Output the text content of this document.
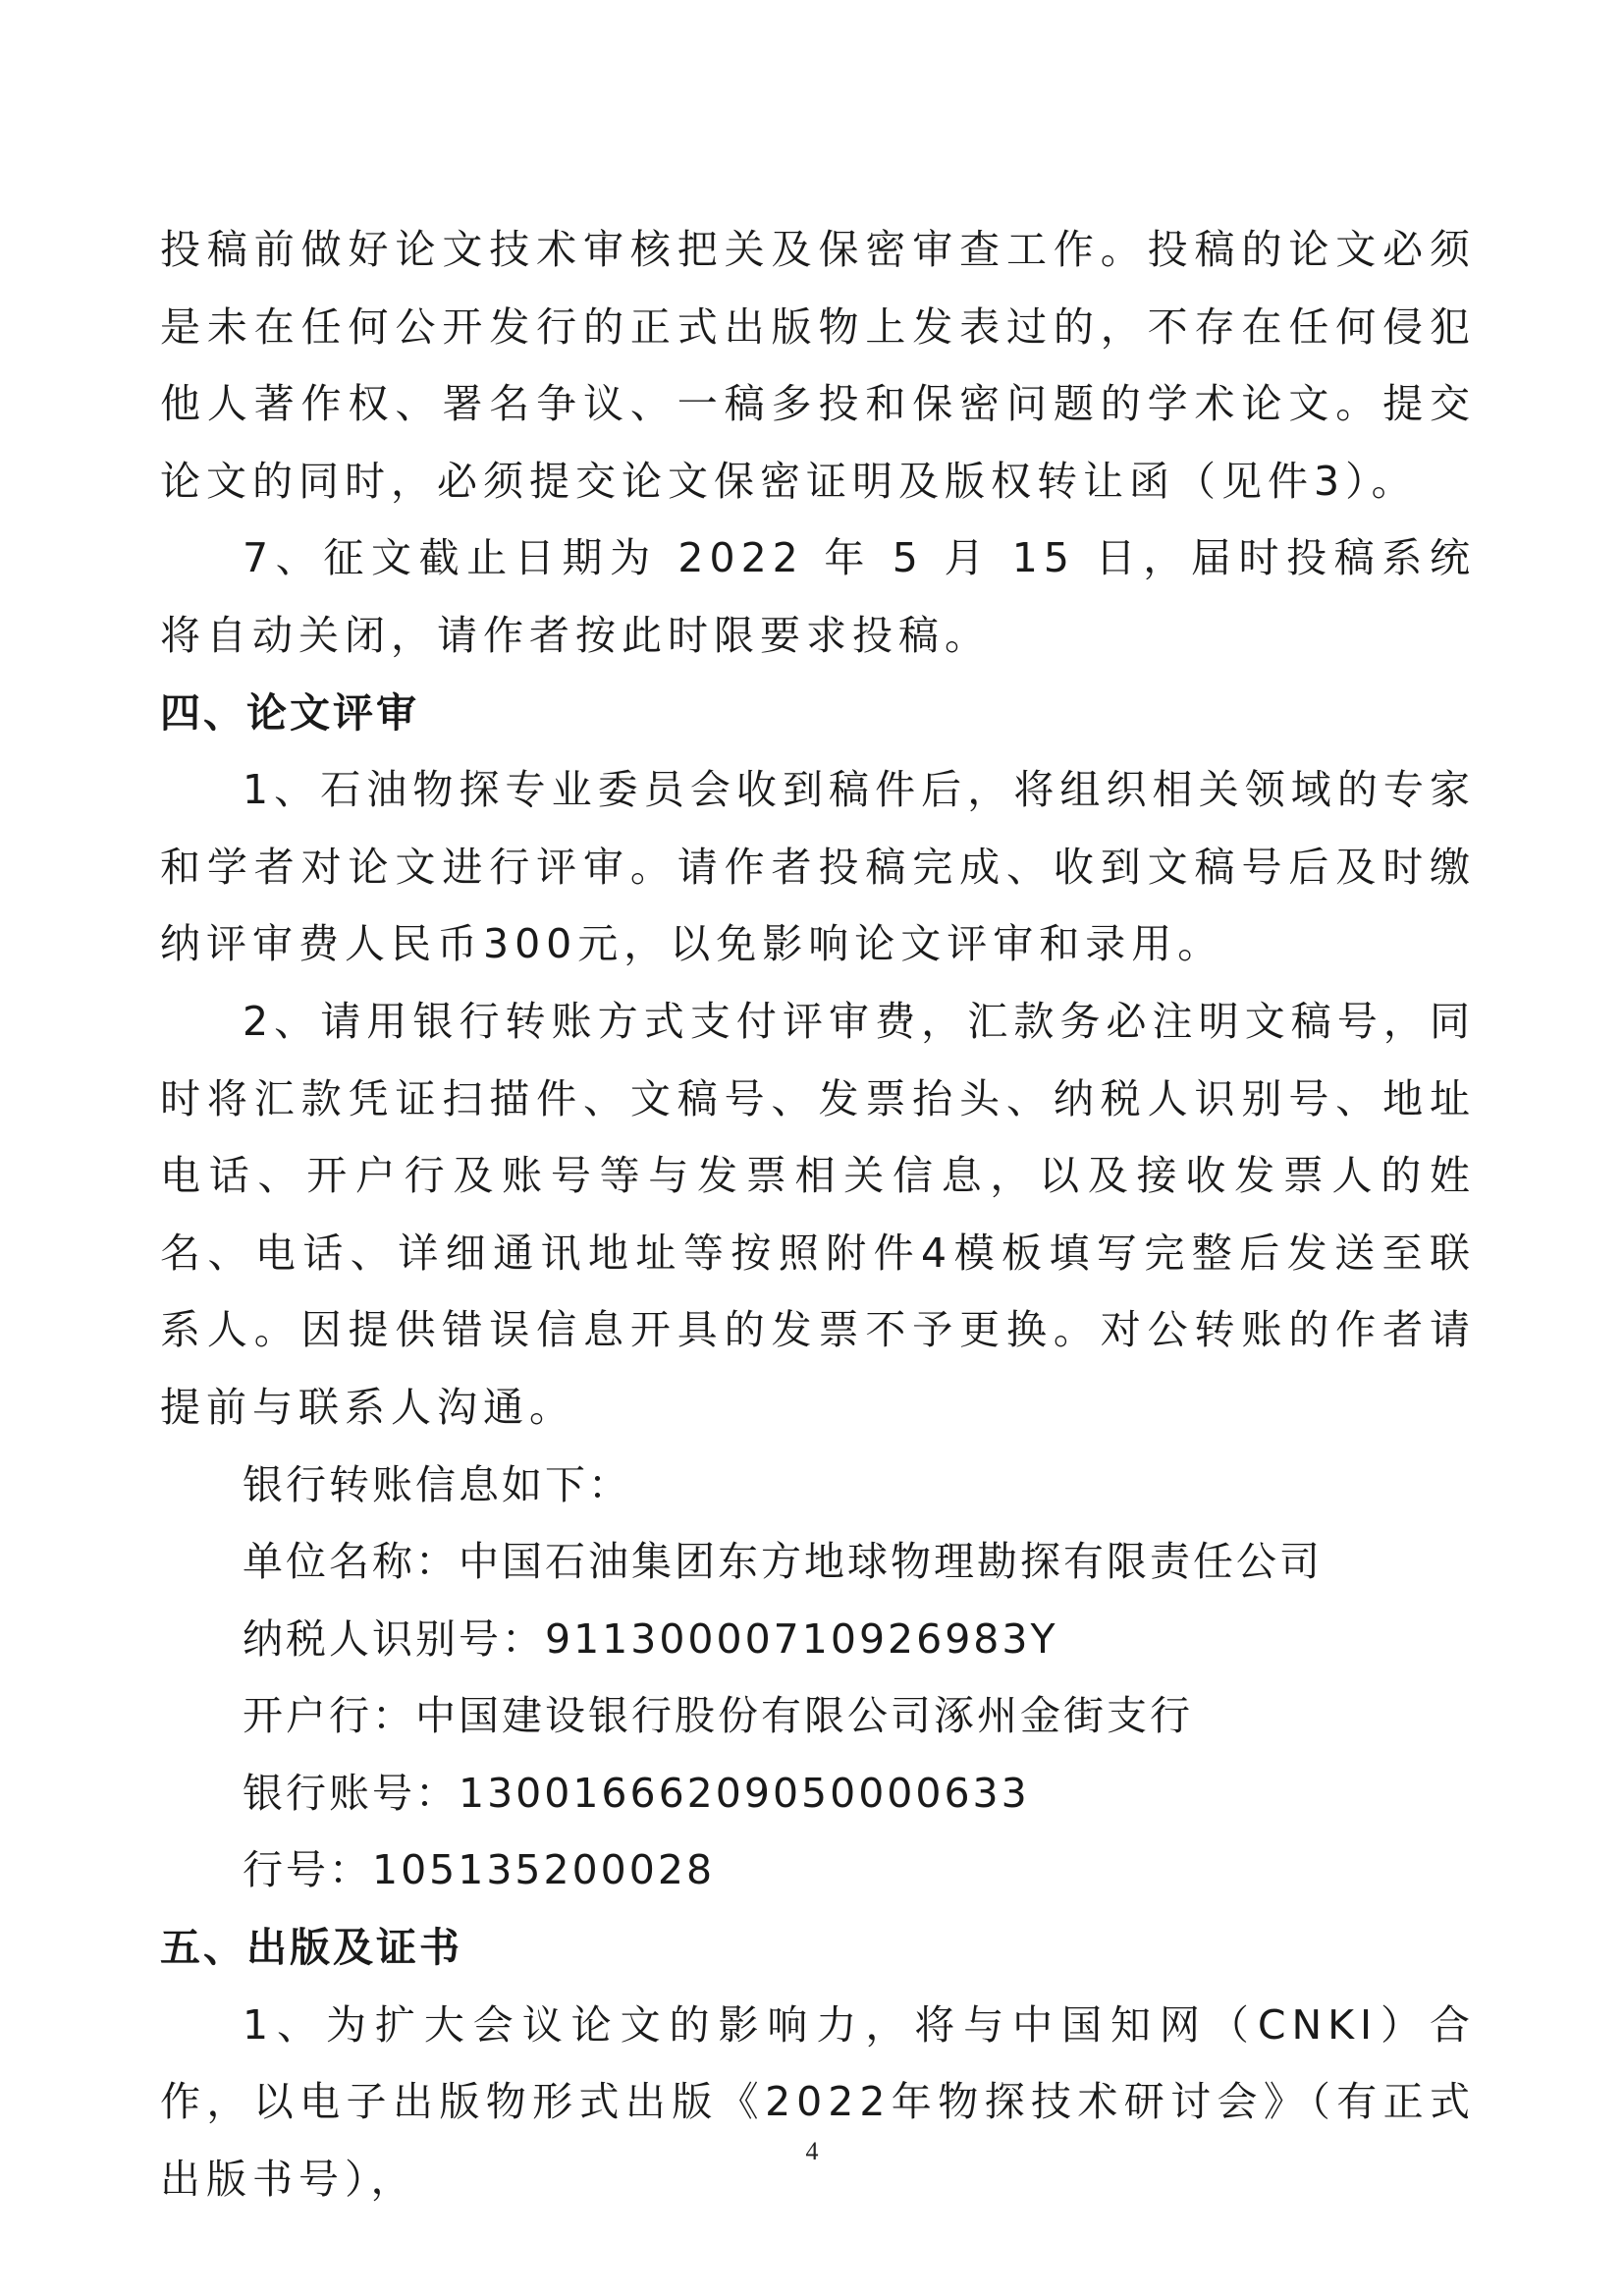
投稿前做好论文技术审核把关及保密审查工作。投稿的论文必须是未在任何公开发行的正式出版物上发表过的，不存在任何侵犯他人著作权、署名争议、一稿多投和保密问题的学术论文。提交论文的同时，必须提交论文保密证明及版权转让函（见件3）。

7、征文截止日期为 2022 年 5 月 15 日，届时投稿系统将自动关闭，请作者按此时限要求投稿。

四、论文评审

1、石油物探专业委员会收到稿件后，将组织相关领域的专家和学者对论文进行评审。请作者投稿完成、收到文稿号后及时缴纳评审费人民币300元，以免影响论文评审和录用。

2、请用银行转账方式支付评审费，汇款务必注明文稿号，同时将汇款凭证扫描件、文稿号、发票抬头、纳税人识别号、地址电话、开户行及账号等与发票相关信息，以及接收发票人的姓名、电话、详细通讯地址等按照附件4模板填写完整后发送至联系人。因提供错误信息开具的发票不予更换。对公转账的作者请提前与联系人沟通。

银行转账信息如下：

单位名称：中国石油集团东方地球物理勘探有限责任公司

纳税人识别号：91130000710926983Y

开户行：中国建设银行股份有限公司涿州金街支行

银行账号：13001666209050000633

行号：105135200028

五、出版及证书

1、为扩大会议论文的影响力，将与中国知网（CNKI）合作，以电子出版物形式出版《2022年物探技术研讨会》（有正式出版书号），

4
